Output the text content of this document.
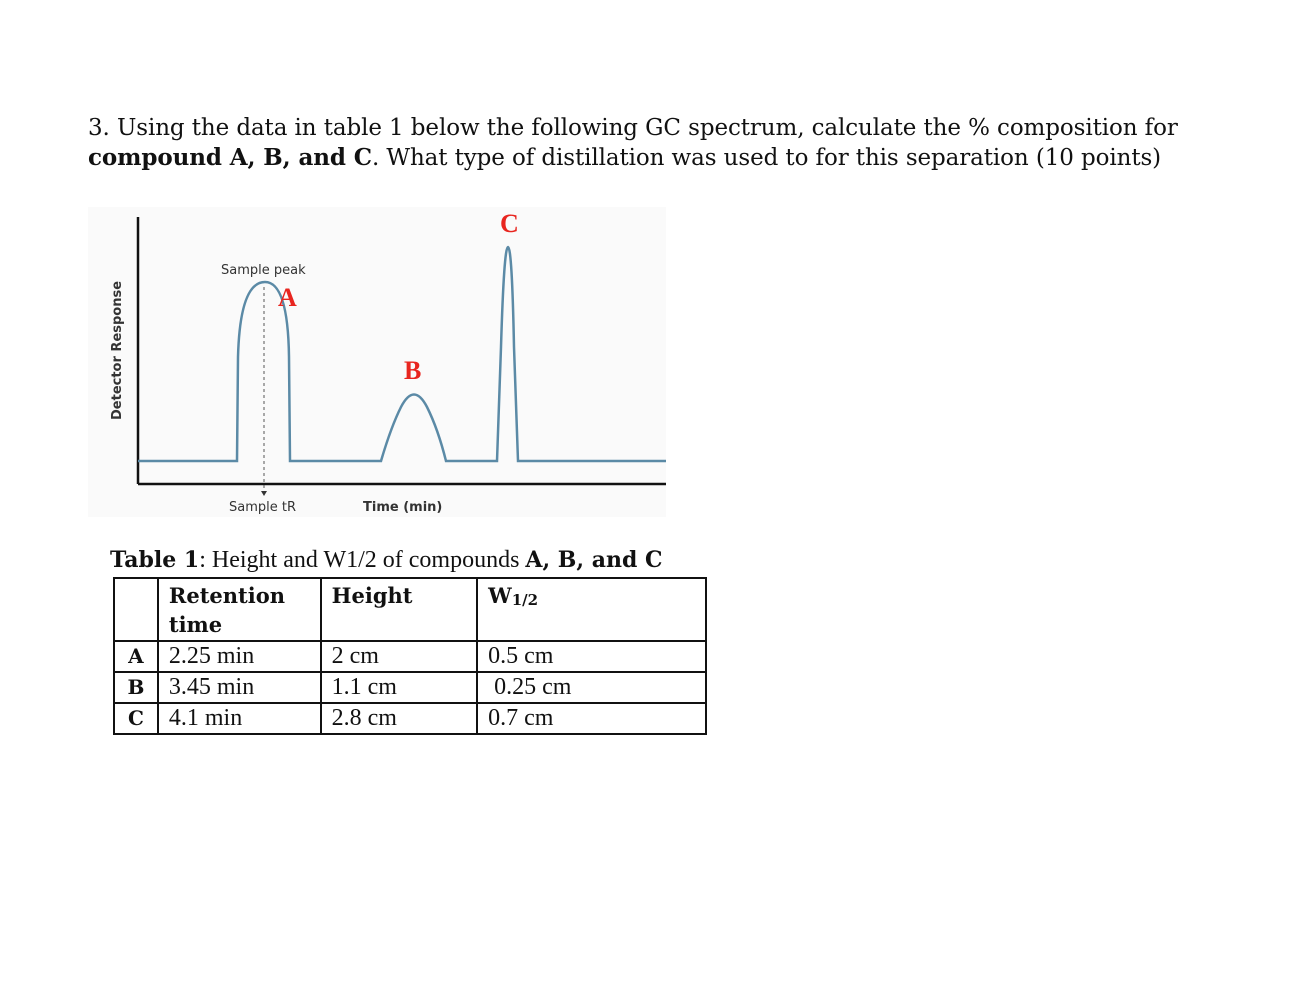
3. Using the data in table 1 below the following GC spectrum, calculate the % composition for
compound A, B, and C. What type of distillation was used to for this separation (10 points)
Sample peak
Sample tR	Time (min)
Detector Response	A
B
C
Table 1: Height and W1/2 of compounds A, B, and C
	Retention time	Height	$W_{1/2}$
A	2.25 min	2 cm	0.5 cm
B	3.45 min	1.1 cm	0.25 cm
C	4.1 min	2.8 cm	0.7 cm
